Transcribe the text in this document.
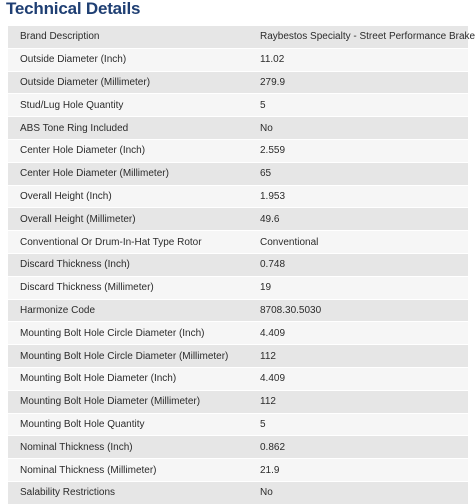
Technical Details
Brand Description	Raybestos Specialty - Street Performance Brake
Outside Diameter (Inch)	11.02
Outside Diameter (Millimeter)	279.9
Stud/Lug Hole Quantity	5
ABS Tone Ring Included	No
Center Hole Diameter (Inch)	2.559
Center Hole Diameter (Millimeter)	65
Overall Height (Inch)	1.953
Overall Height (Millimeter)	49.6
Conventional Or Drum-In-Hat Type Rotor	Conventional
Discard Thickness (Inch)	0.748
Discard Thickness (Millimeter)	19
Harmonize Code	8708.30.5030
Mounting Bolt Hole Circle Diameter (Inch)	4.409
Mounting Bolt Hole Circle Diameter (Millimeter)	112
Mounting Bolt Hole Diameter (Inch)	4.409
Mounting Bolt Hole Diameter (Millimeter)	112
Mounting Bolt Hole Quantity	5
Nominal Thickness (Inch)	0.862
Nominal Thickness (Millimeter)	21.9
Salability Restrictions	No
